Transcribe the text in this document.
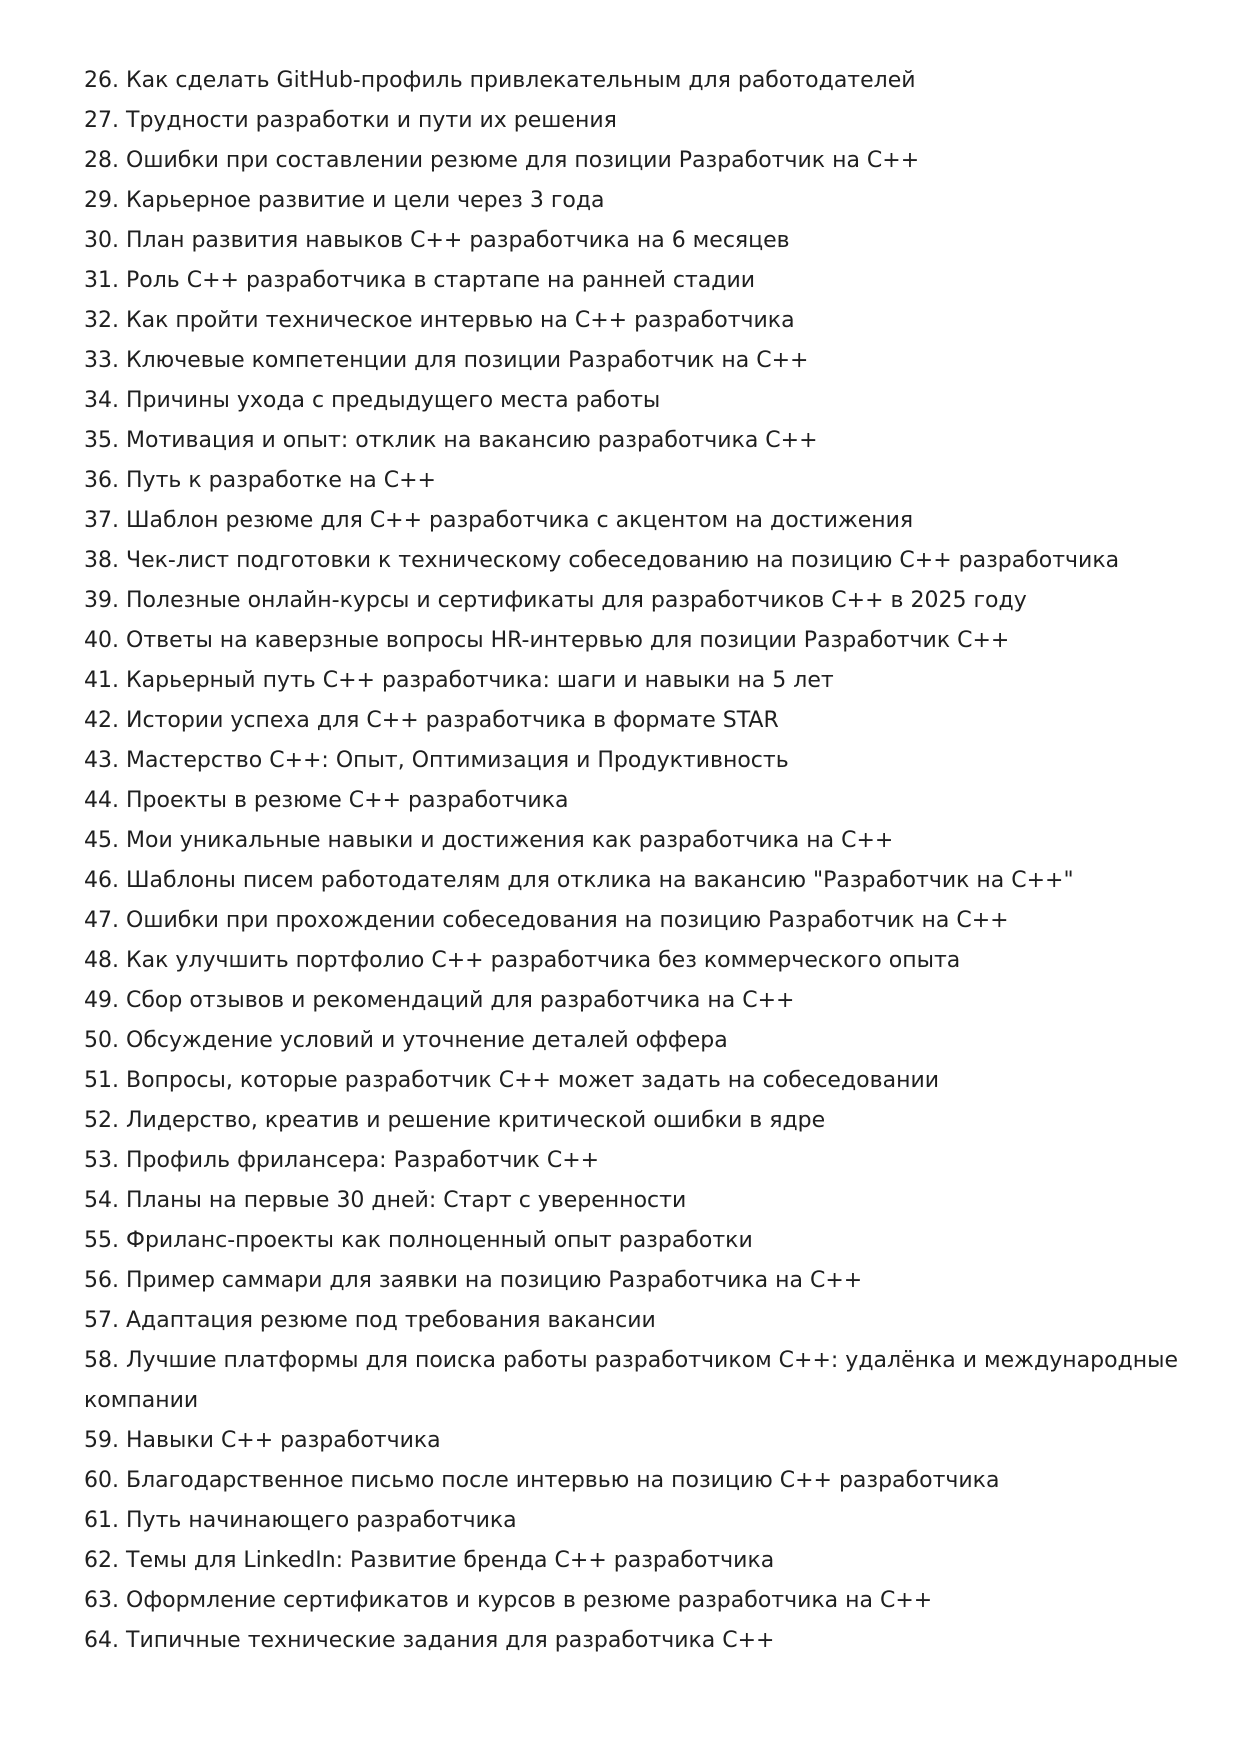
26. Как сделать GitHub-профиль привлекательным для работодателей
27. Трудности разработки и пути их решения
28. Ошибки при составлении резюме для позиции Разработчик на C++
29. Карьерное развитие и цели через 3 года
30. План развития навыков C++ разработчика на 6 месяцев
31. Роль C++ разработчика в стартапе на ранней стадии
32. Как пройти техническое интервью на C++ разработчика
33. Ключевые компетенции для позиции Разработчик на C++
34. Причины ухода с предыдущего места работы
35. Мотивация и опыт: отклик на вакансию разработчика C++
36. Путь к разработке на C++
37. Шаблон резюме для C++ разработчика с акцентом на достижения
38. Чек-лист подготовки к техническому собеседованию на позицию C++ разработчика
39. Полезные онлайн-курсы и сертификаты для разработчиков C++ в 2025 году
40. Ответы на каверзные вопросы HR-интервью для позиции Разработчик C++
41. Карьерный путь C++ разработчика: шаги и навыки на 5 лет
42. Истории успеха для C++ разработчика в формате STAR
43. Мастерство C++: Опыт, Оптимизация и Продуктивность
44. Проекты в резюме C++ разработчика
45. Мои уникальные навыки и достижения как разработчика на C++
46. Шаблоны писем работодателям для отклика на вакансию "Разработчик на C++"
47. Ошибки при прохождении собеседования на позицию Разработчик на C++
48. Как улучшить портфолио C++ разработчика без коммерческого опыта
49. Сбор отзывов и рекомендаций для разработчика на C++
50. Обсуждение условий и уточнение деталей оффера
51. Вопросы, которые разработчик C++ может задать на собеседовании
52. Лидерство, креатив и решение критической ошибки в ядре
53. Профиль фрилансера: Разработчик C++
54. Планы на первые 30 дней: Старт с уверенности
55. Фриланс-проекты как полноценный опыт разработки
56. Пример саммари для заявки на позицию Разработчика на C++
57. Адаптация резюме под требования вакансии
58. Лучшие платформы для поиска работы разработчиком C++: удалёнка и международные компании
59. Навыки C++ разработчика
60. Благодарственное письмо после интервью на позицию C++ разработчика
61. Путь начинающего разработчика
62. Темы для LinkedIn: Развитие бренда C++ разработчика
63. Оформление сертификатов и курсов в резюме разработчика на C++
64. Типичные технические задания для разработчика C++
